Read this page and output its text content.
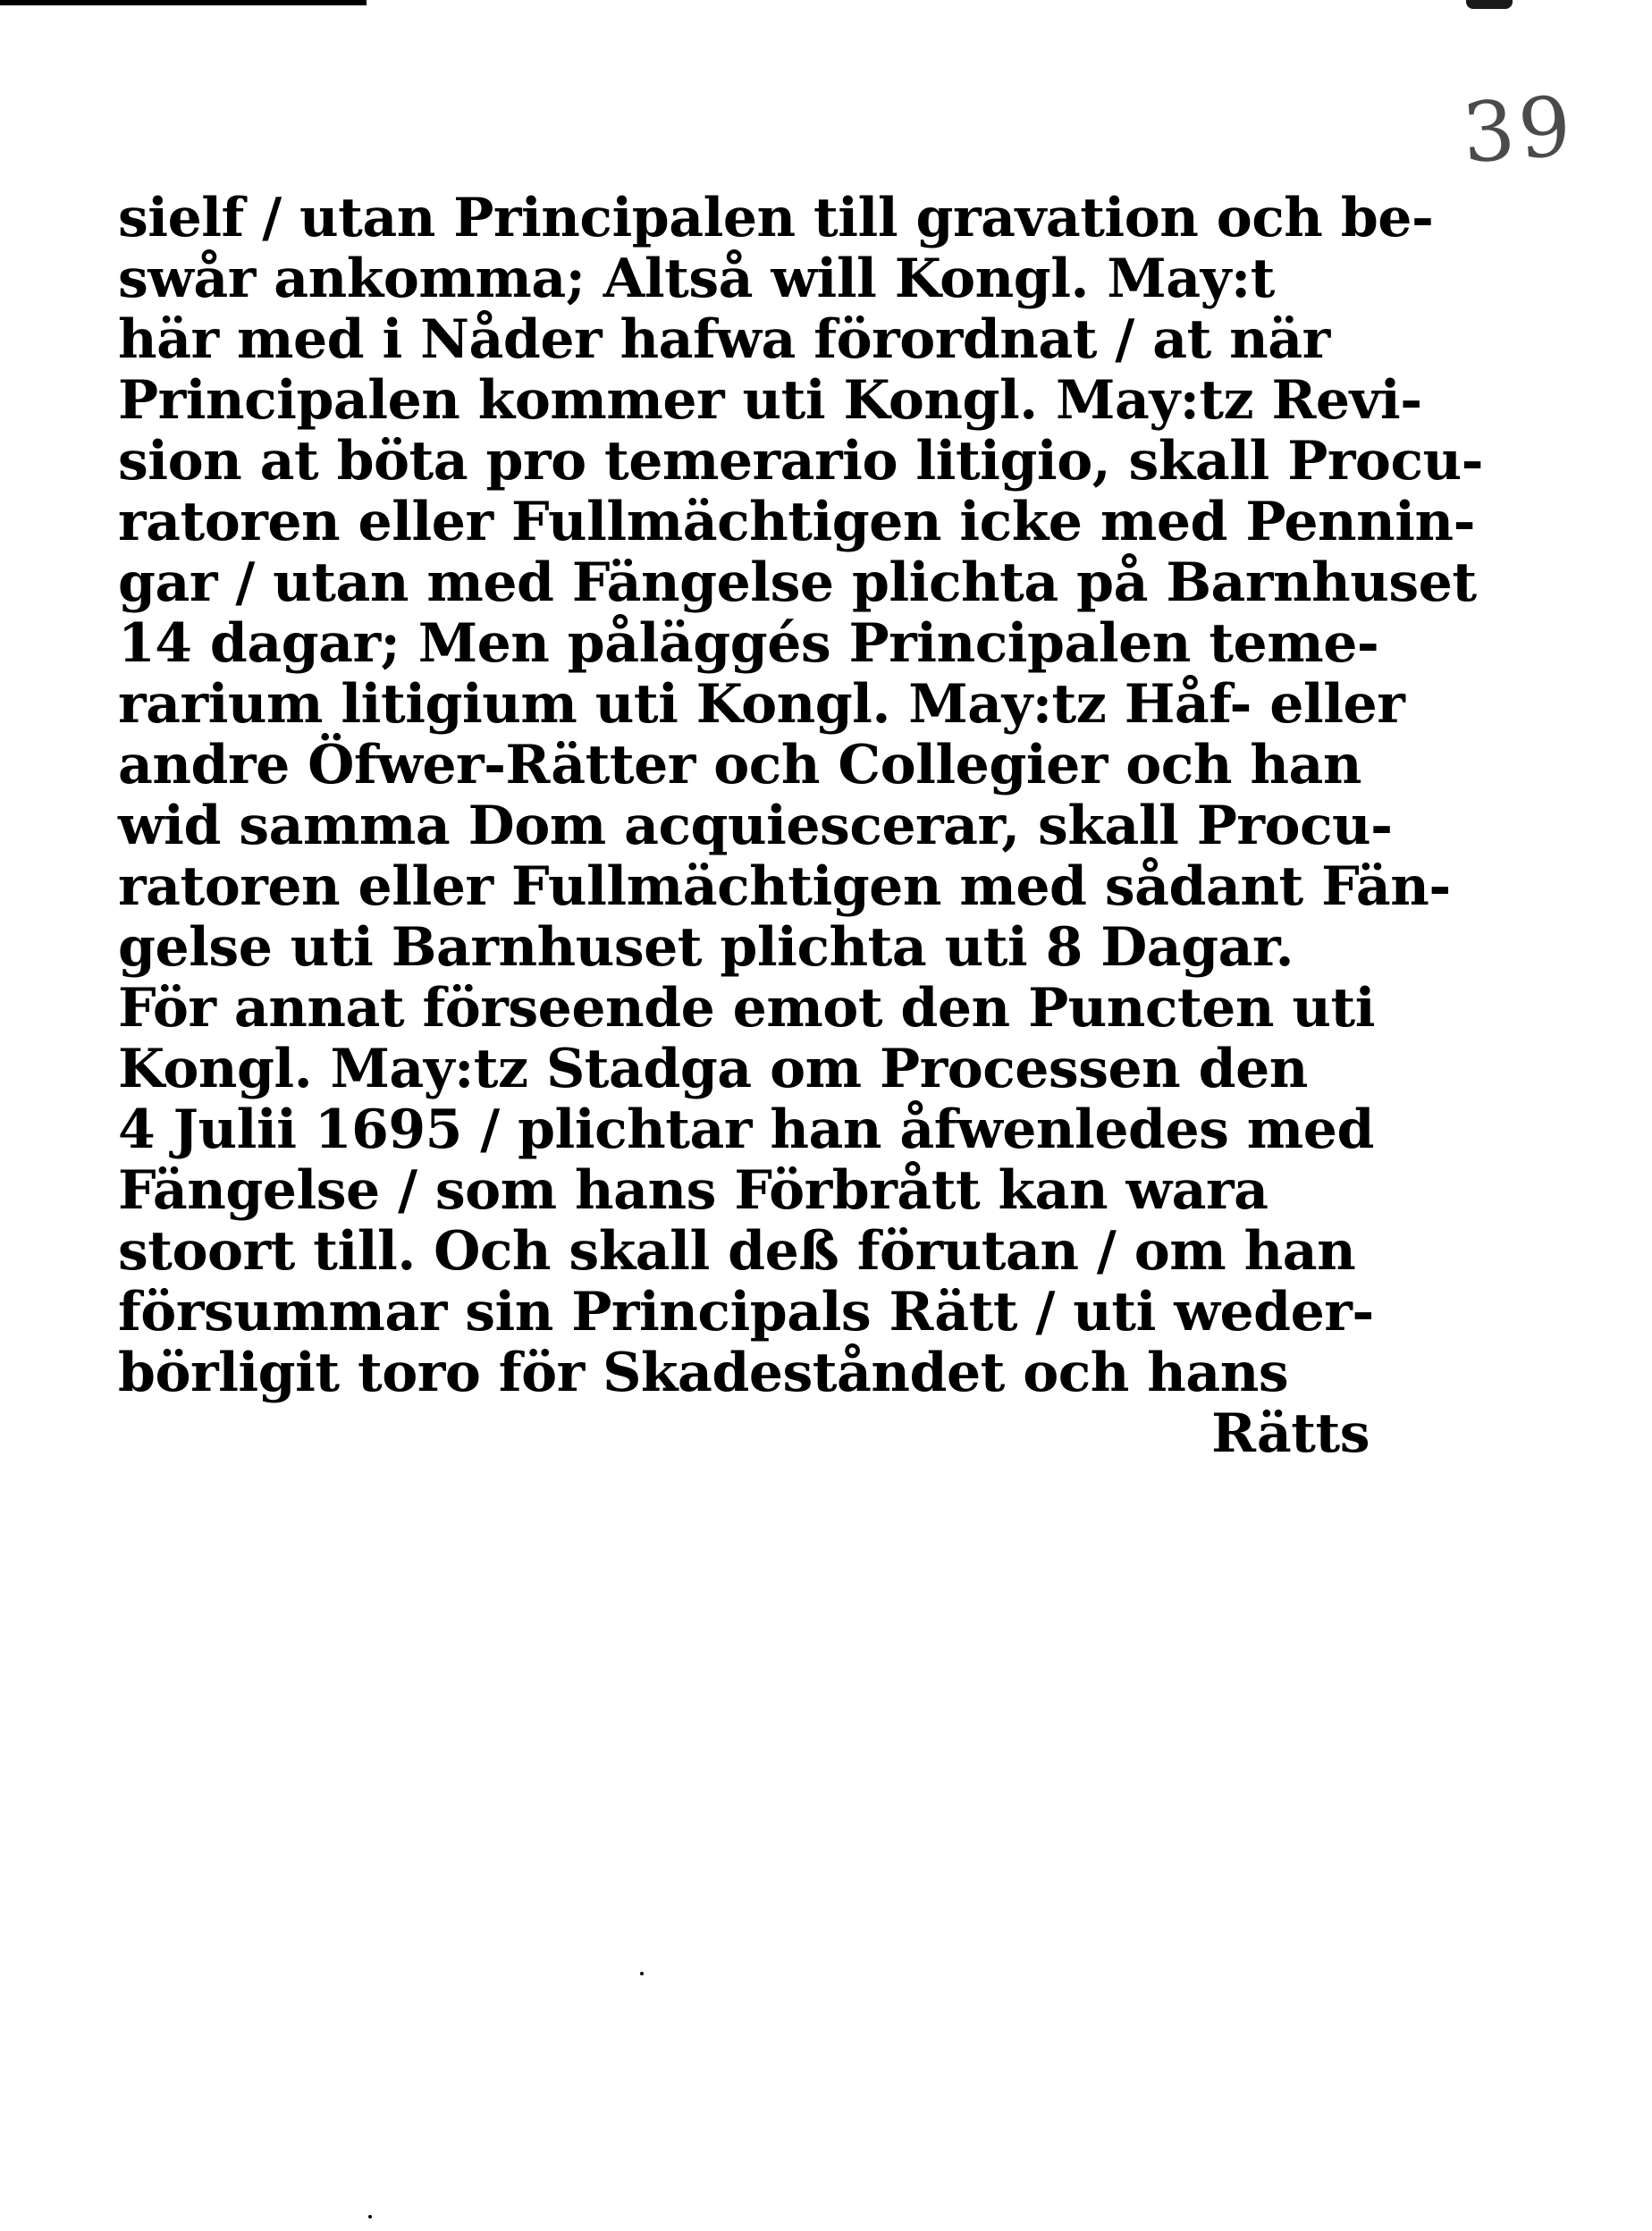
39
sielf / utan Principalen till gravation och be-
swår ankomma; Altså will Kongl. May:t
här med i Nåder hafwa förordnat / at när
Principalen kommer uti Kongl. May:tz Revi-
sion at böta pro temerario litigio, skall Procu-
ratoren eller Fullmächtigen icke med Pennin-
gar / utan med Fängelse plichta på Barnhuset
14 dagar; Men påläggés Principalen teme-
rarium litigium uti Kongl. May:tz Håf- eller
andre Öfwer-Rätter och Collegier och han
wid samma Dom acquiescerar, skall Procu-
ratoren eller Fullmächtigen med sådant Fän-
gelse uti Barnhuset plichta uti 8 Dagar.
För annat förseende emot den Puncten uti
Kongl. May:tz Stadga om Processen den
4 Julii 1695 / plichtar han åfwenledes med
Fängelse / som hans Förbrått kan wara
stoort till. Och skall deß förutan / om han
försummar sin Principals Rätt / uti weder-
börligit toro för Skadeståndet och hans
Rätts
